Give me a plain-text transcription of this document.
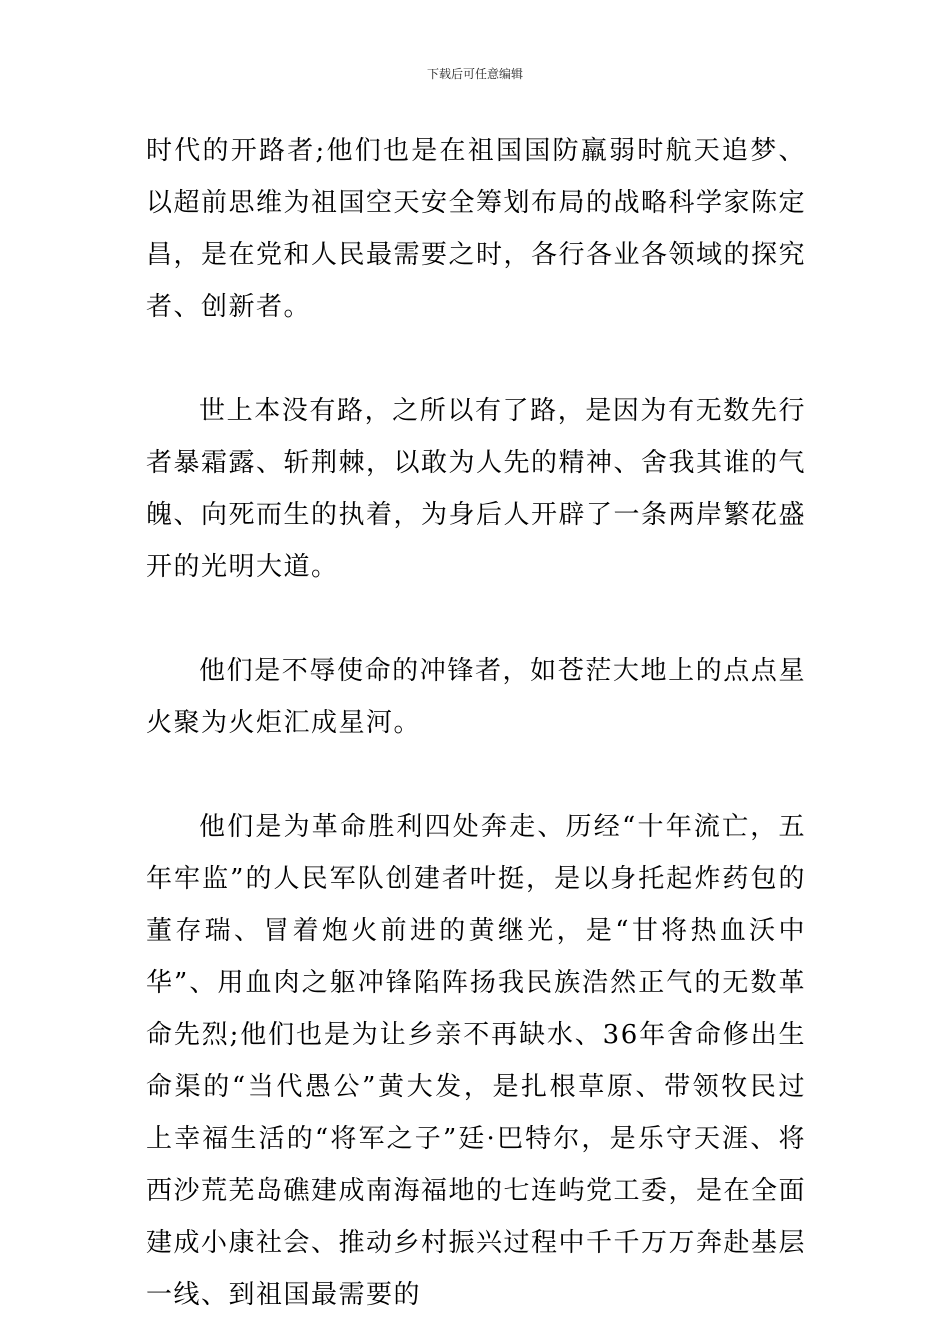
下载后可任意编辑

时代的开路者;他们也是在祖国国防羸弱时航天追梦、以超前思维为祖国空天安全筹划布局的战略科学家陈定昌，是在党和人民最需要之时，各行各业各领域的探究者、创新者。

世上本没有路，之所以有了路，是因为有无数先行者暴霜露、斩荆棘，以敢为人先的精神、舍我其谁的气魄、向死而生的执着，为身后人开辟了一条两岸繁花盛开的光明大道。

他们是不辱使命的冲锋者，如苍茫大地上的点点星火聚为火炬汇成星河。

他们是为革命胜利四处奔走、历经“十年流亡，五年牢监”的人民军队创建者叶挺，是以身托起炸药包的董存瑞、冒着炮火前进的黄继光，是“甘将热血沃中华”、用血肉之躯冲锋陷阵扬我民族浩然正气的无数革命先烈;他们也是为让乡亲不再缺水、36年舍命修出生命渠的“当代愚公”黄大发，是扎根草原、带领牧民过上幸福生活的“将军之子”廷·巴特尔，是乐守天涯、将西沙荒芜岛礁建成南海福地的七连屿党工委，是在全面建成小康社会、推动乡村振兴过程中千千万万奔赴基层一线、到祖国最需要的
